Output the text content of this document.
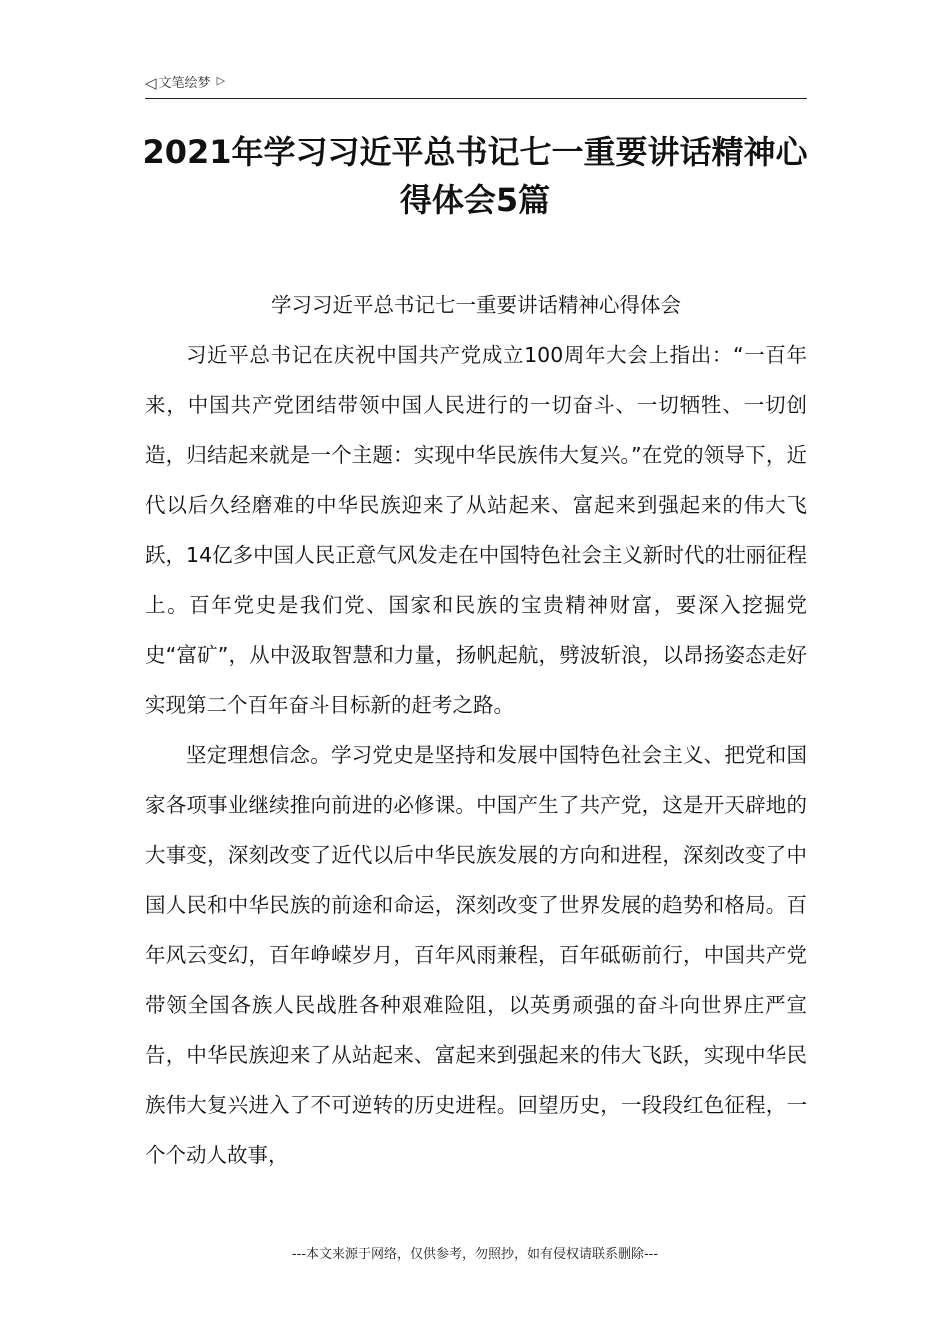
◁ 文笔绘梦 ▷
2021年学习习近平总书记七一重要讲话精神心得体会5篇

学习习近平总书记七一重要讲话精神心得体会

习近平总书记在庆祝中国共产党成立100周年大会上指出：“一百年来，中国共产党团结带领中国人民进行的一切奋斗、一切牺牲、一切创造，归结起来就是一个主题：实现中华民族伟大复兴。”在党的领导下，近代以后久经磨难的中华民族迎来了从站起来、富起来到强起来的伟大飞跃，14亿多中国人民正意气风发走在中国特色社会主义新时代的壮丽征程上。百年党史是我们党、国家和民族的宝贵精神财富，要深入挖掘党史“富矿”，从中汲取智慧和力量，扬帆起航，劈波斩浪，以昂扬姿态走好实现第二个百年奋斗目标新的赶考之路。

坚定理想信念。学习党史是坚持和发展中国特色社会主义、把党和国家各项事业继续推向前进的必修课。中国产生了共产党，这是开天辟地的大事变，深刻改变了近代以后中华民族发展的方向和进程，深刻改变了中国人民和中华民族的前途和命运，深刻改变了世界发展的趋势和格局。百年风云变幻，百年峥嵘岁月，百年风雨兼程，百年砥砺前行，中国共产党带领全国各族人民战胜各种艰难险阻，以英勇顽强的奋斗向世界庄严宣告，中华民族迎来了从站起来、富起来到强起来的伟大飞跃，实现中华民族伟大复兴进入了不可逆转的历史进程。回望历史，一段段红色征程，一个个动人故事，

---本文来源于网络，仅供参考，勿照抄，如有侵权请联系删除---
